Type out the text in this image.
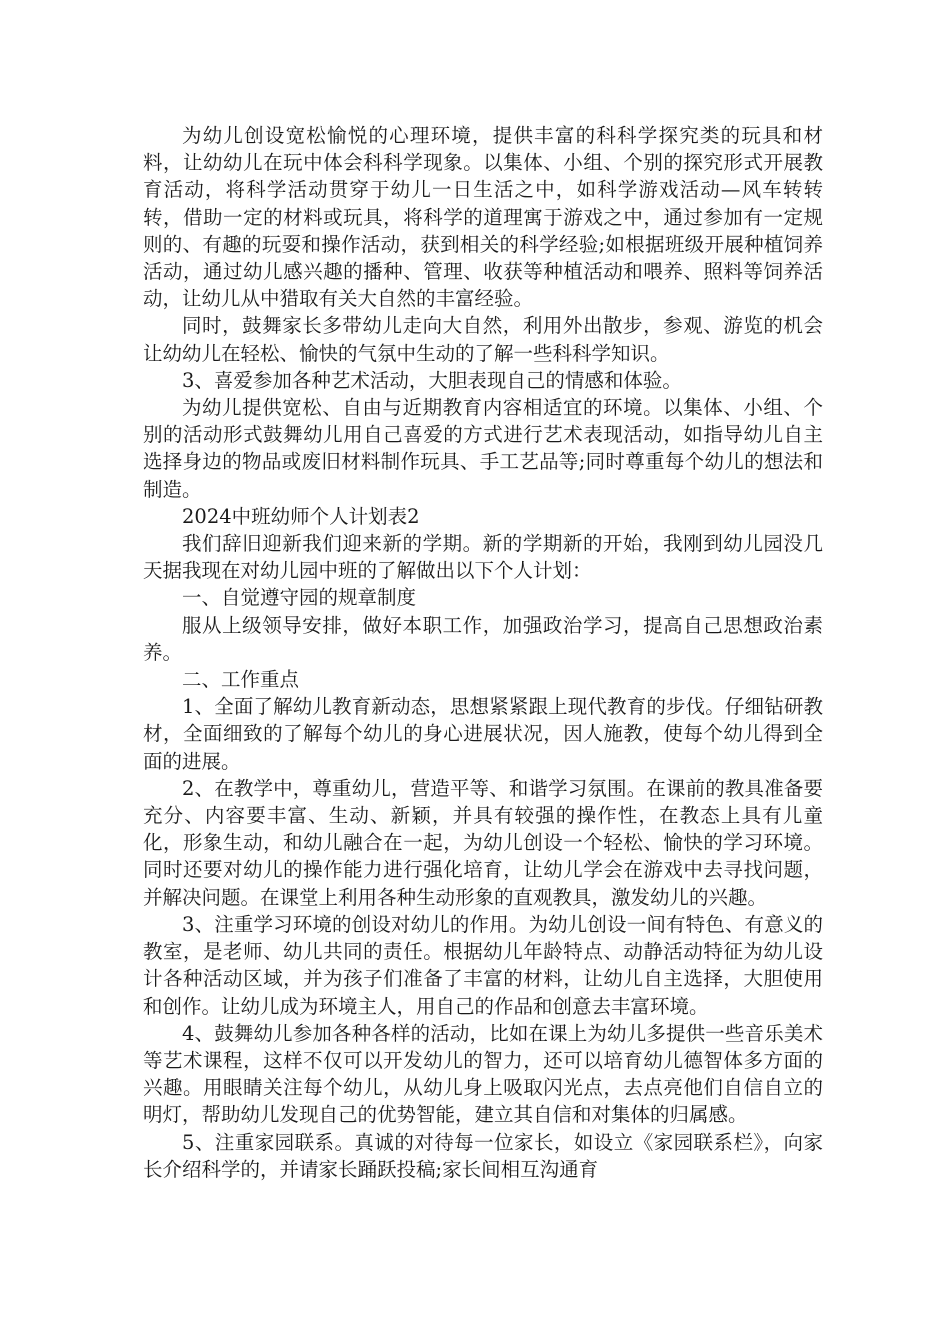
为幼儿创设宽松愉悦的心理环境，提供丰富的科科学探究类的玩具和材料，让幼幼儿在玩中体会科科学现象。以集体、小组、个别的探究形式开展教育活动，将科学活动贯穿于幼儿一日生活之中，如科学游戏活动—风车转转转，借助一定的材料或玩具，将科学的道理寓于游戏之中，通过参加有一定规则的、有趣的玩耍和操作活动，获到相关的科学经验;如根据班级开展种植饲养活动，通过幼儿感兴趣的播种、管理、收获等种植活动和喂养、照料等饲养活动，让幼儿从中猎取有关大自然的丰富经验。

同时，鼓舞家长多带幼儿走向大自然，利用外出散步，参观、游览的机会让幼幼儿在轻松、愉快的气氛中生动的了解一些科科学知识。

3、喜爱参加各种艺术活动，大胆表现自己的情感和体验。

为幼儿提供宽松、自由与近期教育内容相适宜的环境。以集体、小组、个别的活动形式鼓舞幼儿用自己喜爱的方式进行艺术表现活动，如指导幼儿自主选择身边的物品或废旧材料制作玩具、手工艺品等;同时尊重每个幼儿的想法和制造。

2024中班幼师个人计划表2

我们辞旧迎新我们迎来新的学期。新的学期新的开始，我刚到幼儿园没几天据我现在对幼儿园中班的了解做出以下个人计划：

一、自觉遵守园的规章制度

服从上级领导安排，做好本职工作，加强政治学习，提高自己思想政治素养。

二、工作重点

1、全面了解幼儿教育新动态，思想紧紧跟上现代教育的步伐。仔细钻研教材，全面细致的了解每个幼儿的身心进展状况，因人施教，使每个幼儿得到全面的进展。

2、在教学中，尊重幼儿，营造平等、和谐学习氛围。在课前的教具准备要充分、内容要丰富、生动、新颖，并具有较强的操作性，在教态上具有儿童化，形象生动，和幼儿融合在一起，为幼儿创设一个轻松、愉快的学习环境。同时还要对幼儿的操作能力进行强化培育，让幼儿学会在游戏中去寻找问题，并解决问题。在课堂上利用各种生动形象的直观教具，激发幼儿的兴趣。

3、注重学习环境的创设对幼儿的作用。为幼儿创设一间有特色、有意义的教室，是老师、幼儿共同的责任。根据幼儿年龄特点、动静活动特征为幼儿设计各种活动区域，并为孩子们准备了丰富的材料，让幼儿自主选择，大胆使用和创作。让幼儿成为环境主人，用自己的作品和创意去丰富环境。

4、鼓舞幼儿参加各种各样的活动，比如在课上为幼儿多提供一些音乐美术等艺术课程，这样不仅可以开发幼儿的智力，还可以培育幼儿德智体多方面的兴趣。用眼睛关注每个幼儿，从幼儿身上吸取闪光点，去点亮他们自信自立的明灯，帮助幼儿发现自己的优势智能，建立其自信和对集体的归属感。

5、注重家园联系。真诚的对待每一位家长，如设立《家园联系栏》，向家长介绍科学的，并请家长踊跃投稿;家长间相互沟通育
